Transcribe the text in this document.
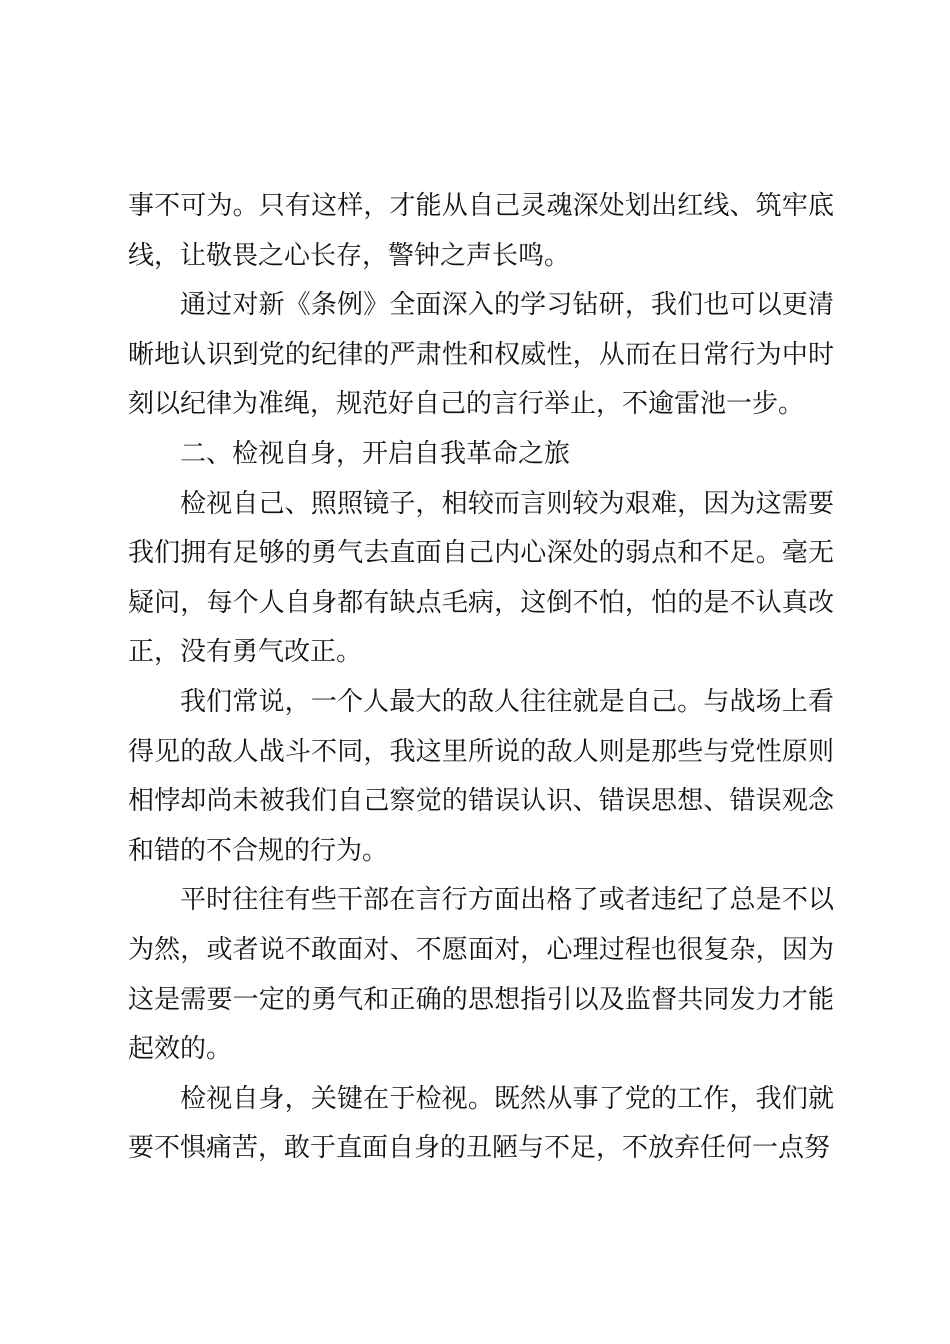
事不可为。只有这样，才能从自己灵魂深处划出红线、筑牢底线，让敬畏之心长存，警钟之声长鸣。

通过对新《条例》全面深入的学习钻研，我们也可以更清晰地认识到党的纪律的严肃性和权威性，从而在日常行为中时刻以纪律为准绳，规范好自己的言行举止，不逾雷池一步。

二、检视自身，开启自我革命之旅

检视自己、照照镜子，相较而言则较为艰难，因为这需要我们拥有足够的勇气去直面自己内心深处的弱点和不足。毫无疑问，每个人自身都有缺点毛病，这倒不怕，怕的是不认真改正，没有勇气改正。

我们常说，一个人最大的敌人往往就是自己。与战场上看得见的敌人战斗不同，我这里所说的敌人则是那些与党性原则相悖却尚未被我们自己察觉的错误认识、错误思想、错误观念和错的不合规的行为。

平时往往有些干部在言行方面出格了或者违纪了总是不以为然，或者说不敢面对、不愿面对，心理过程也很复杂，因为这是需要一定的勇气和正确的思想指引以及监督共同发力才能起效的。

检视自身，关键在于检视。既然从事了党的工作，我们就要不惧痛苦，敢于直面自身的丑陋与不足，不放弃任何一点努
